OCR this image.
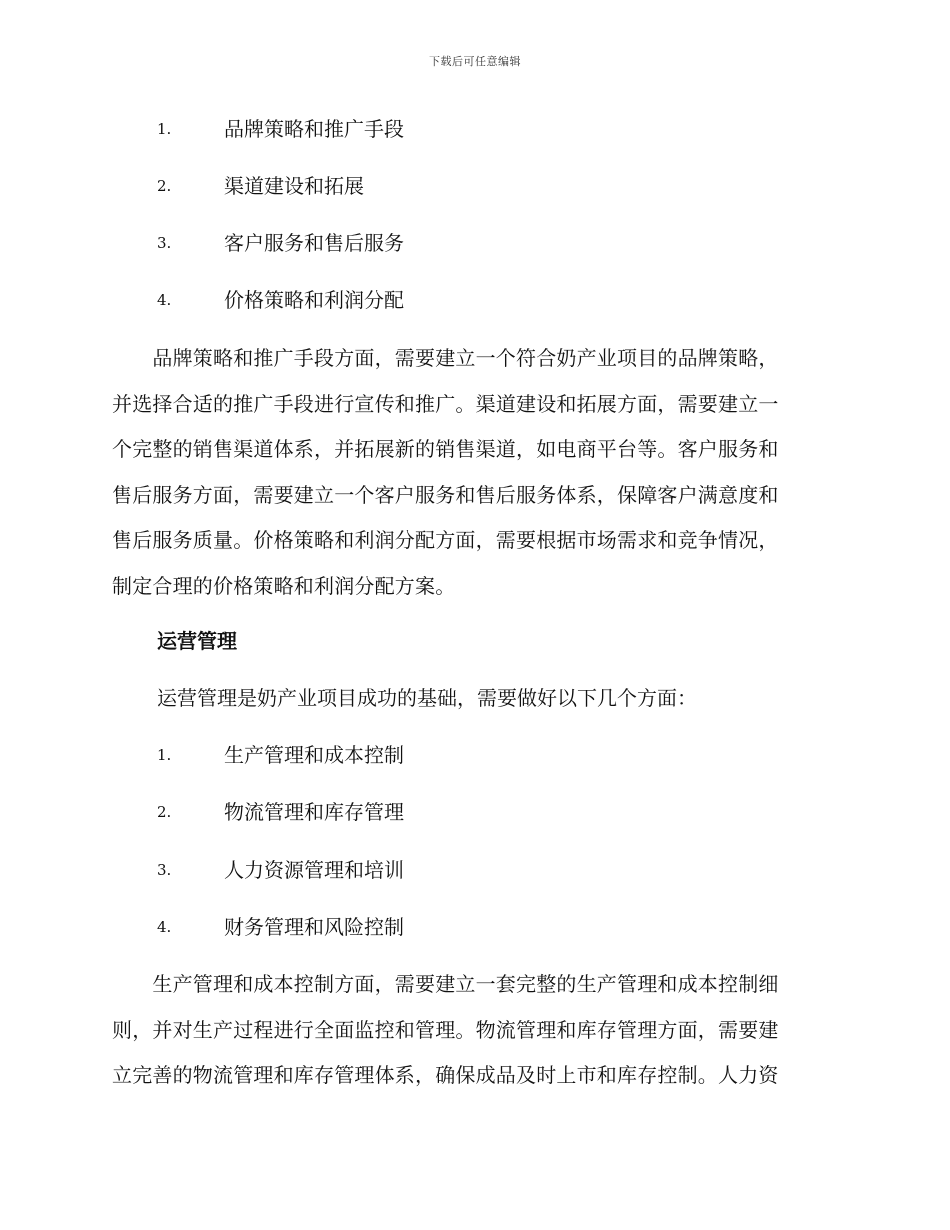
下载后可任意编辑
1.	品牌策略和推广手段
2.	渠道建设和拓展
3.	客户服务和售后服务
4.	价格策略和利润分配
　　品牌策略和推广手段方面，需要建立一个符合奶产业项目的品牌策略，
并选择合适的推广手段进行宣传和推广。渠道建设和拓展方面，需要建立一
个完整的销售渠道体系，并拓展新的销售渠道，如电商平台等。客户服务和
售后服务方面，需要建立一个客户服务和售后服务体系，保障客户满意度和
售后服务质量。价格策略和利润分配方面，需要根据市场需求和竞争情况，
制定合理的价格策略和利润分配方案。
运营管理
运营管理是奶产业项目成功的基础，需要做好以下几个方面：
1.	生产管理和成本控制
2.	物流管理和库存管理
3.	人力资源管理和培训
4.	财务管理和风险控制
　　生产管理和成本控制方面，需要建立一套完整的生产管理和成本控制细
则，并对生产过程进行全面监控和管理。物流管理和库存管理方面，需要建
立完善的物流管理和库存管理体系，确保成品及时上市和库存控制。人力资
